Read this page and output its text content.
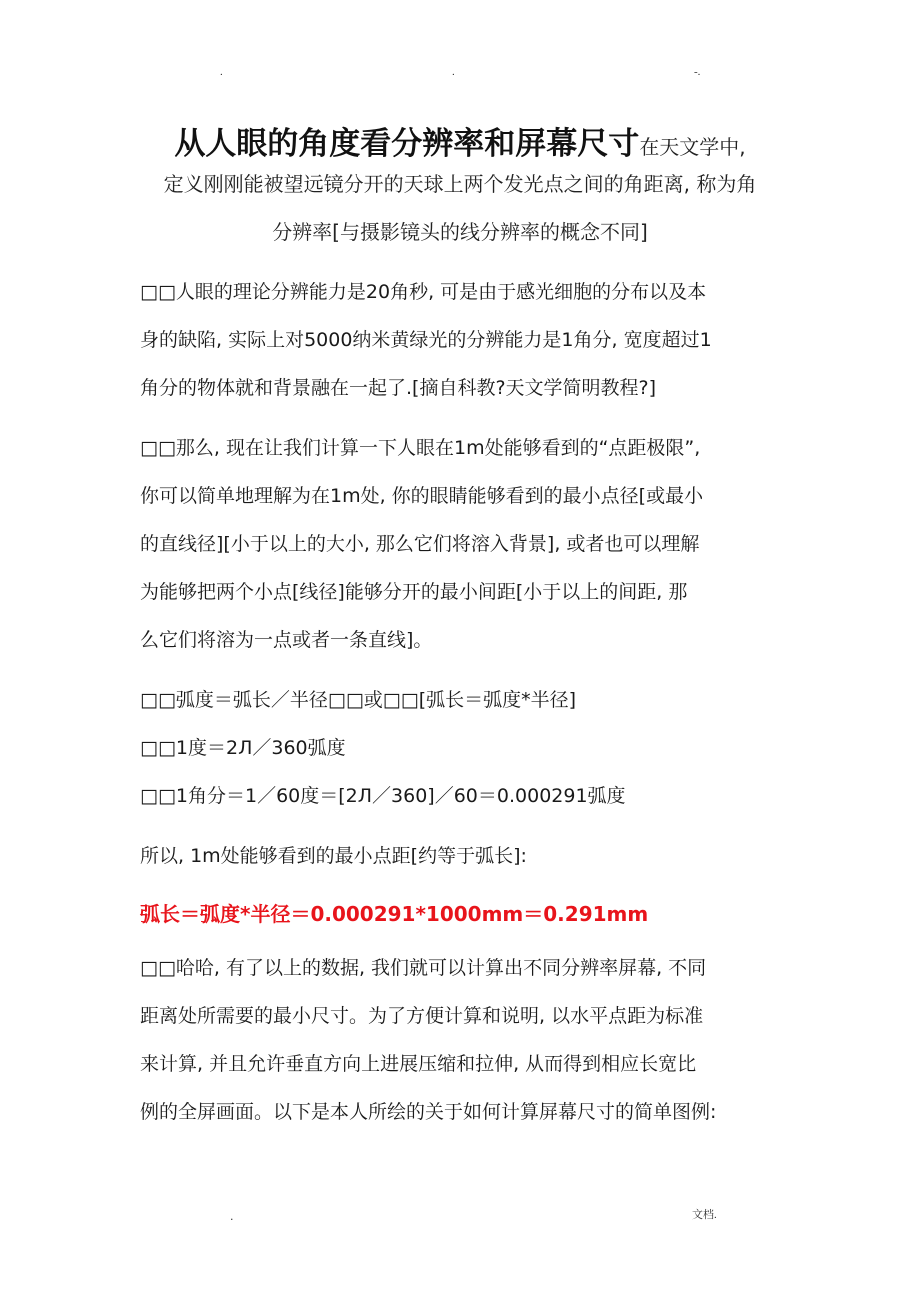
.	.	-.
从人眼的角度看分辨率和屏幕尺寸在天文学中,
定义刚刚能被望远镜分开的天球上两个发光点之间的角距离, 称为角
分辨率[与摄影镜头的线分辨率的概念不同]
□□人眼的理论分辨能力是20角秒, 可是由于感光细胞的分布以及本
身的缺陷, 实际上对5000纳米黄绿光的分辨能力是1角分, 宽度超过1
角分的物体就和背景融在一起了.[摘自科教?天文学简明教程?]
□□那么, 现在让我们计算一下人眼在1m处能够看到的“点距极限”,
你可以简单地理解为在1m处, 你的眼睛能够看到的最小点径[或最小
的直线径][小于以上的大小, 那么它们将溶入背景], 或者也可以理解
为能够把两个小点[线径]能够分开的最小间距[小于以上的间距, 那
么它们将溶为一点或者一条直线]。
□□弧度＝弧长／半径□□或□□[弧长＝弧度*半径]
□□1度＝2Л／360弧度
□□1角分＝1／60度＝[2Л／360]／60＝0.000291弧度
所以, 1m处能够看到的最小点距[约等于弧长]:
弧长＝弧度*半径＝0.000291*1000mm＝0.291mm
□□哈哈, 有了以上的数据, 我们就可以计算出不同分辨率屏幕, 不同
距离处所需要的最小尺寸。为了方便计算和说明, 以水平点距为标准
来计算, 并且允许垂直方向上进展压缩和拉伸, 从而得到相应长宽比
例的全屏画面。以下是本人所绘的关于如何计算屏幕尺寸的简单图例:
.	文档.
